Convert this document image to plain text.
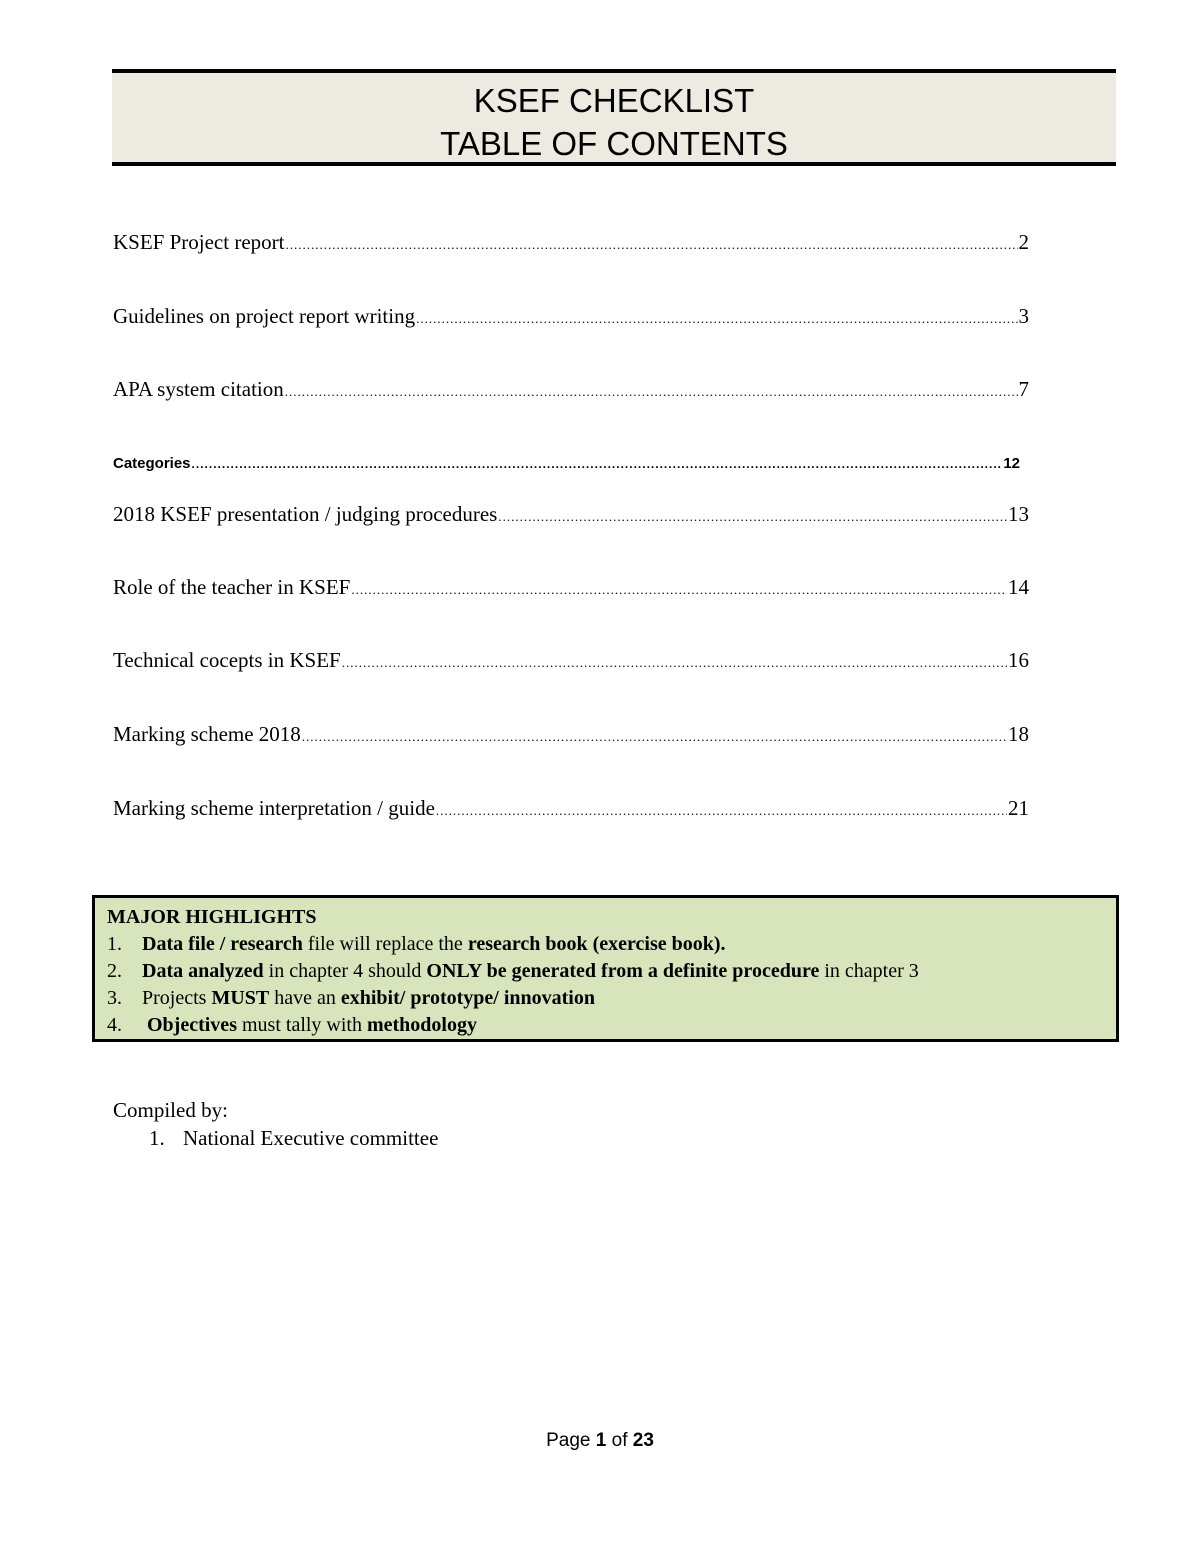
KSEF CHECKLIST
TABLE OF CONTENTS
KSEF Project report .....	2
Guidelines on project report writing .....	3
APA system citation .....	7
Categories .....	12
2018 KSEF presentation / judging procedures .....	13
Role of the teacher in KSEF .....	14
Technical cocepts in KSEF .....	16
Marking scheme 2018 .....	18
Marking scheme interpretation / guide .....	21
MAJOR HIGHLIGHTS
1.	Data file / research file will replace the research book (exercise book).
2.	Data analyzed in chapter 4 should ONLY be generated from a definite procedure in chapter 3
3.	Projects MUST have an exhibit/ prototype/ innovation
4.	Objectives must tally with methodology
Compiled by:
1. National Executive committee
Page 1 of 23
